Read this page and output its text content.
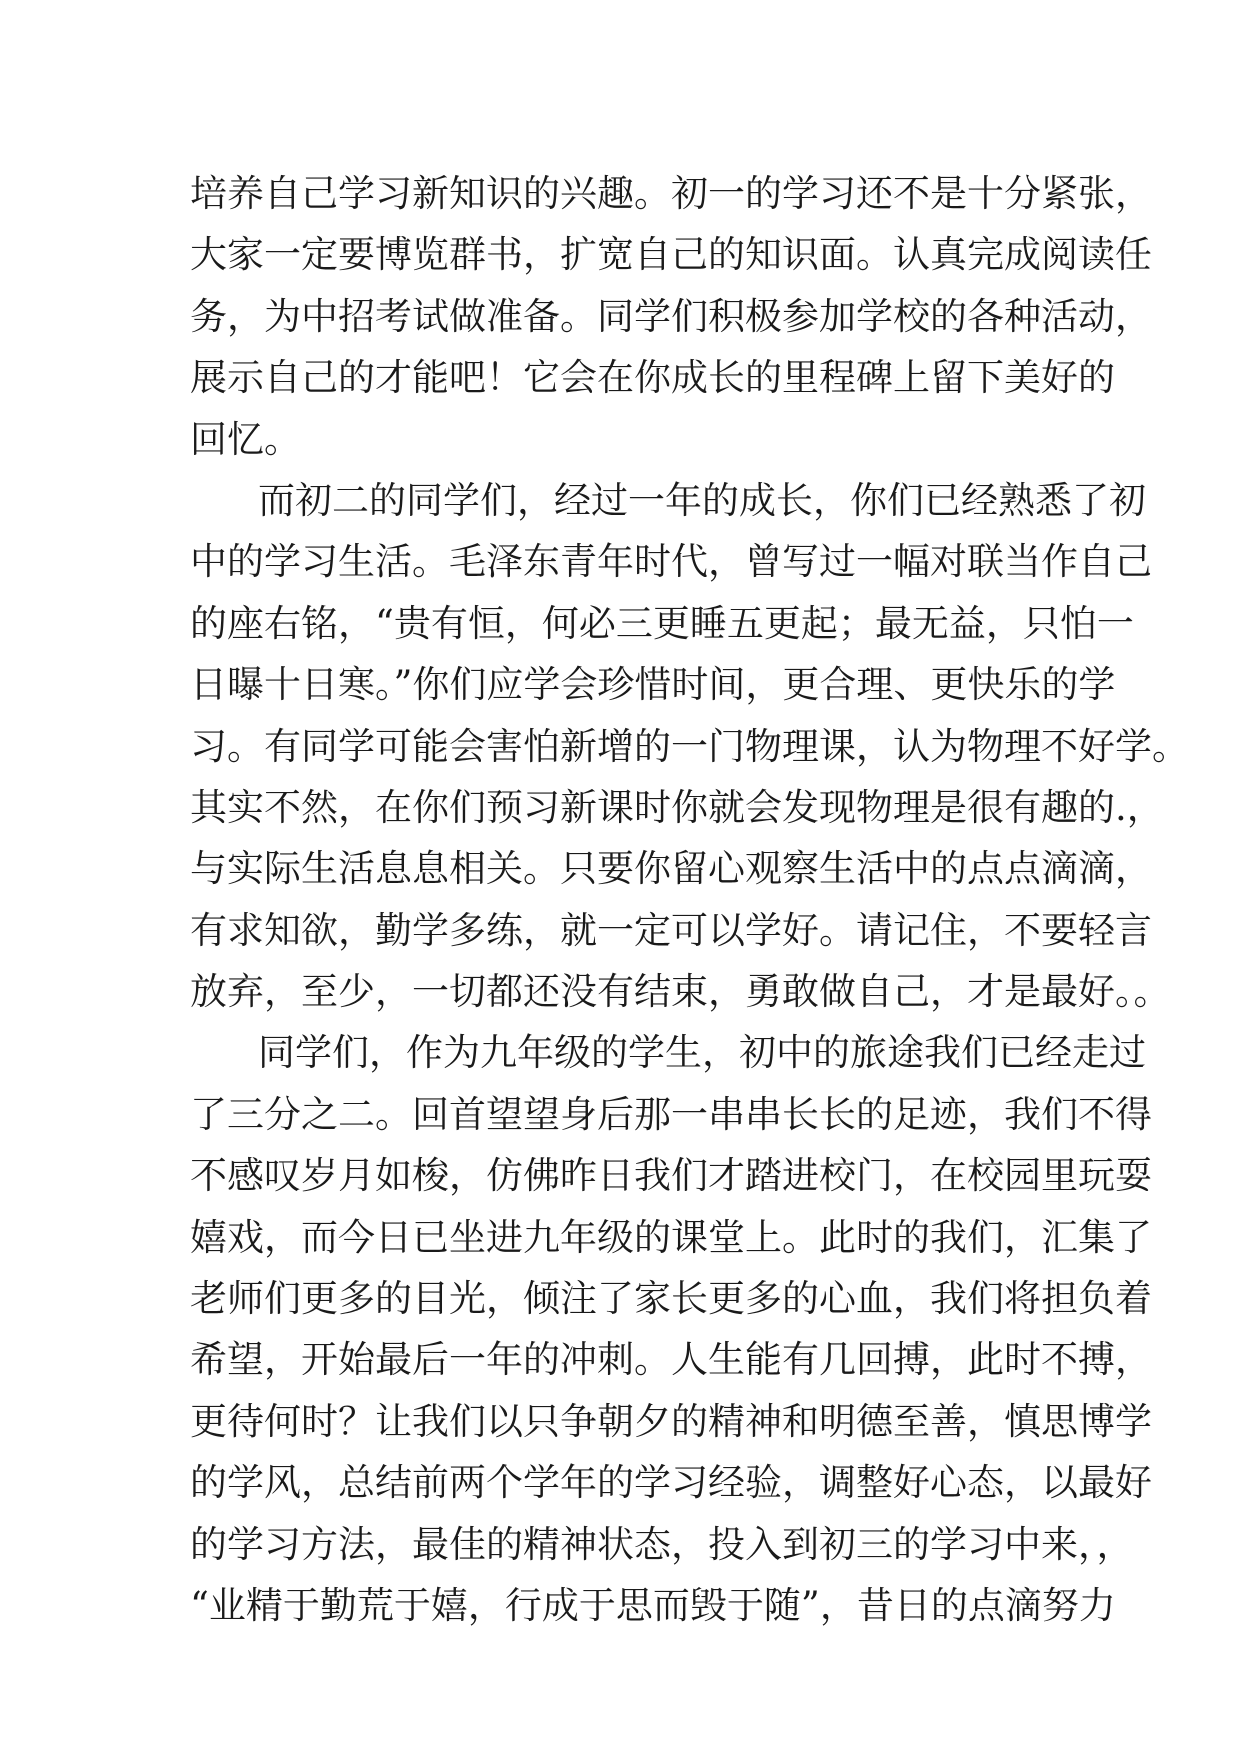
培养自己学习新知识的兴趣。初一的学习还不是十分紧张，
大家一定要博览群书，扩宽自己的知识面。认真完成阅读任
务，为中招考试做准备。同学们积极参加学校的各种活动，
展示自己的才能吧！它会在你成长的里程碑上留下美好的
回忆。
而初二的同学们，经过一年的成长，你们已经熟悉了初
中的学习生活。毛泽东青年时代，曾写过一幅对联当作自己
的座右铭，“贵有恒，何必三更睡五更起；最无益，只怕一
日曝十日寒。”你们应学会珍惜时间，更合理、更快乐的学
习。有同学可能会害怕新增的一门物理课，认为物理不好学。
其实不然，在你们预习新课时你就会发现物理是很有趣的.，
与实际生活息息相关。只要你留心观察生活中的点点滴滴，
有求知欲，勤学多练，就一定可以学好。请记住，不要轻言
放弃，至少，一切都还没有结束，勇敢做自己，才是最好。。
同学们，作为九年级的学生，初中的旅途我们已经走过
了三分之二。回首望望身后那一串串长长的足迹，我们不得
不感叹岁月如梭，仿佛昨日我们才踏进校门，在校园里玩耍
嬉戏，而今日已坐进九年级的课堂上。此时的我们，汇集了
老师们更多的目光，倾注了家长更多的心血，我们将担负着
希望，开始最后一年的冲刺。人生能有几回搏，此时不搏，
更待何时？让我们以只争朝夕的精神和明德至善，慎思博学
的学风，总结前两个学年的学习经验，调整好心态，以最好
的学习方法，最佳的精神状态，投入到初三的学习中来，，
“业精于勤荒于嬉，行成于思而毁于随”，昔日的点滴努力
